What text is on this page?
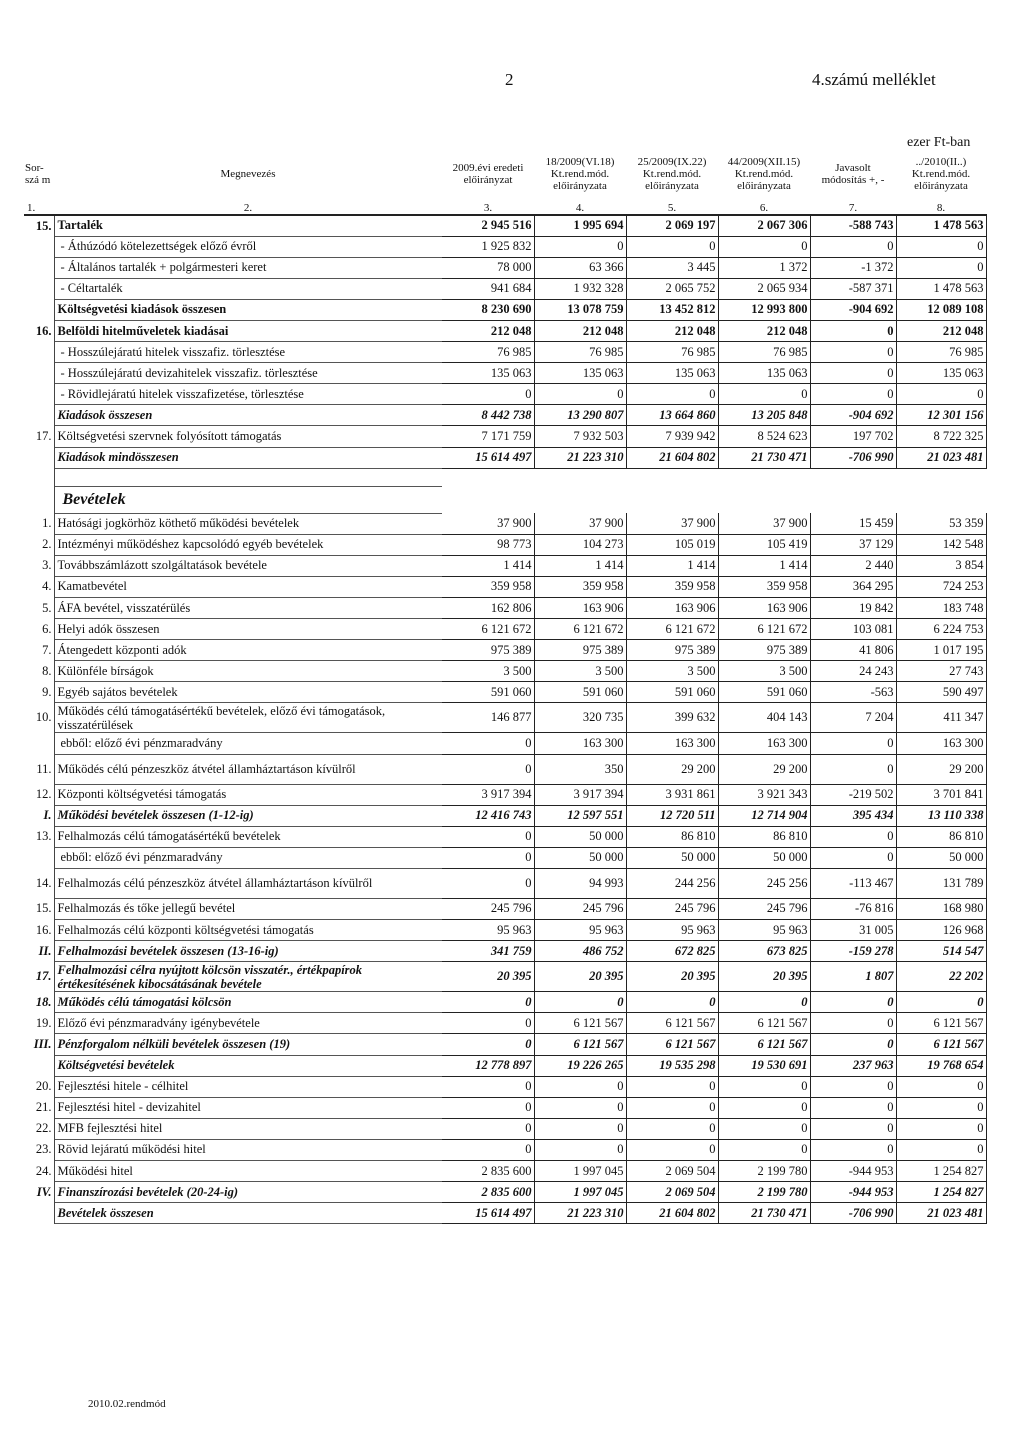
2	4.számú melléklet
ezer Ft-ban
Sor-szá m	Megnevezés	2009.évi eredeti előirányzat	18/2009(VI.18) Kt.rend.mód. előirányzata	25/2009(IX.22) Kt.rend.mód. előirányzata	44/2009(XII.15) Kt.rend.mód. előirányzata	Javasolt módosítás +, -	../2010(II..) Kt.rend.mód. előirányzata
1.	2.	3.	4.	5.	6.	7.	8.
15.	Tartalék	2 945 516	1 995 694	2 069 197	2 067 306	-588 743	1 478 563
	- Áthúzódó kötelezettségek előző évről	1 925 832	0	0	0	0	0
	- Általános tartalék + polgármesteri keret	78 000	63 366	3 445	1 372	-1 372	0
	- Céltartalék	941 684	1 932 328	2 065 752	2 065 934	-587 371	1 478 563
	Költségvetési kiadások összesen	8 230 690	13 078 759	13 452 812	12 993 800	-904 692	12 089 108
16.	Belföldi hitelműveletek kiadásai	212 048	212 048	212 048	212 048	0	212 048
	- Hosszúlejáratú hitelek visszafiz. törlesztése	76 985	76 985	76 985	76 985	0	76 985
	- Hosszúlejáratú devizahitelek visszafiz. törlesztése	135 063	135 063	135 063	135 063	0	135 063
	- Rövidlejáratú hitelek visszafizetése, törlesztése	0	0	0	0	0	0
	Kiadások összesen	8 442 738	13 290 807	13 664 860	13 205 848	-904 692	12 301 156
17.	Költségvetési szervnek folyósított támogatás	7 171 759	7 932 503	7 939 942	8 524 623	197 702	8 722 325
	Kiadások mindösszesen	15 614 497	21 223 310	21 604 802	21 730 471	-706 990	21 023 481

	Bevételek						
1.	Hatósági jogkörhöz köthető működési bevételek	37 900	37 900	37 900	37 900	15 459	53 359
2.	Intézményi működéshez kapcsolódó egyéb bevételek	98 773	104 273	105 019	105 419	37 129	142 548
3.	Továbbszámlázott szolgáltatások bevétele	1 414	1 414	1 414	1 414	2 440	3 854
4.	Kamatbevétel	359 958	359 958	359 958	359 958	364 295	724 253
5.	ÁFA bevétel, visszatérülés	162 806	163 906	163 906	163 906	19 842	183 748
6.	Helyi adók összesen	6 121 672	6 121 672	6 121 672	6 121 672	103 081	6 224 753
7.	Átengedett központi adók	975 389	975 389	975 389	975 389	41 806	1 017 195
8.	Különféle bírságok	3 500	3 500	3 500	3 500	24 243	27 743
9.	Egyéb sajátos bevételek	591 060	591 060	591 060	591 060	-563	590 497
10.	Működés célú támogatásértékű bevételek, előző évi támogatások, visszatérülések	146 877	320 735	399 632	404 143	7 204	411 347
	ebből: előző évi pénzmaradvány	0	163 300	163 300	163 300	0	163 300
11.	Működés célú pénzeszköz átvétel államháztartáson kívülről	0	350	29 200	29 200	0	29 200
12.	Központi költségvetési támogatás	3 917 394	3 917 394	3 931 861	3 921 343	-219 502	3 701 841
I.	Működési bevételek összesen (1-12-ig)	12 416 743	12 597 551	12 720 511	12 714 904	395 434	13 110 338
13.	Felhalmozás célú támogatásértékű bevételek	0	50 000	86 810	86 810	0	86 810
	ebből: előző évi pénzmaradvány	0	50 000	50 000	50 000	0	50 000
14.	Felhalmozás célú pénzeszköz átvétel államháztartáson kívülről	0	94 993	244 256	245 256	-113 467	131 789
15.	Felhalmozás és tőke jellegű bevétel	245 796	245 796	245 796	245 796	-76 816	168 980
16.	Felhalmozás célú központi költségvetési támogatás	95 963	95 963	95 963	95 963	31 005	126 968
II.	Felhalmozási bevételek összesen (13-16-ig)	341 759	486 752	672 825	673 825	-159 278	514 547
17.	Felhalmozási célra nyújtott kölcsön visszatér., értékpapírok értékesítésének kibocsátásának bevétele	20 395	20 395	20 395	20 395	1 807	22 202
18.	Működés célú támogatási kölcsön	0	0	0	0	0	0
19.	Előző évi pénzmaradvány igénybevétele	0	6 121 567	6 121 567	6 121 567	0	6 121 567
III.	Pénzforgalom nélküli bevételek összesen (19)	0	6 121 567	6 121 567	6 121 567	0	6 121 567
	Költségvetési bevételek	12 778 897	19 226 265	19 535 298	19 530 691	237 963	19 768 654
20.	Fejlesztési hitele - célhitel	0	0	0	0	0	0
21.	Fejlesztési hitel - devizahitel	0	0	0	0	0	0
22.	MFB fejlesztési hitel	0	0	0	0	0	0
23.	Rövid lejáratú működési hitel	0	0	0	0	0	0
24.	Működési hitel	2 835 600	1 997 045	2 069 504	2 199 780	-944 953	1 254 827
IV.	Finanszírozási bevételek (20-24-ig)	2 835 600	1 997 045	2 069 504	2 199 780	-944 953	1 254 827
	Bevételek összesen	15 614 497	21 223 310	21 604 802	21 730 471	-706 990	21 023 481
2010.02.rendmód
